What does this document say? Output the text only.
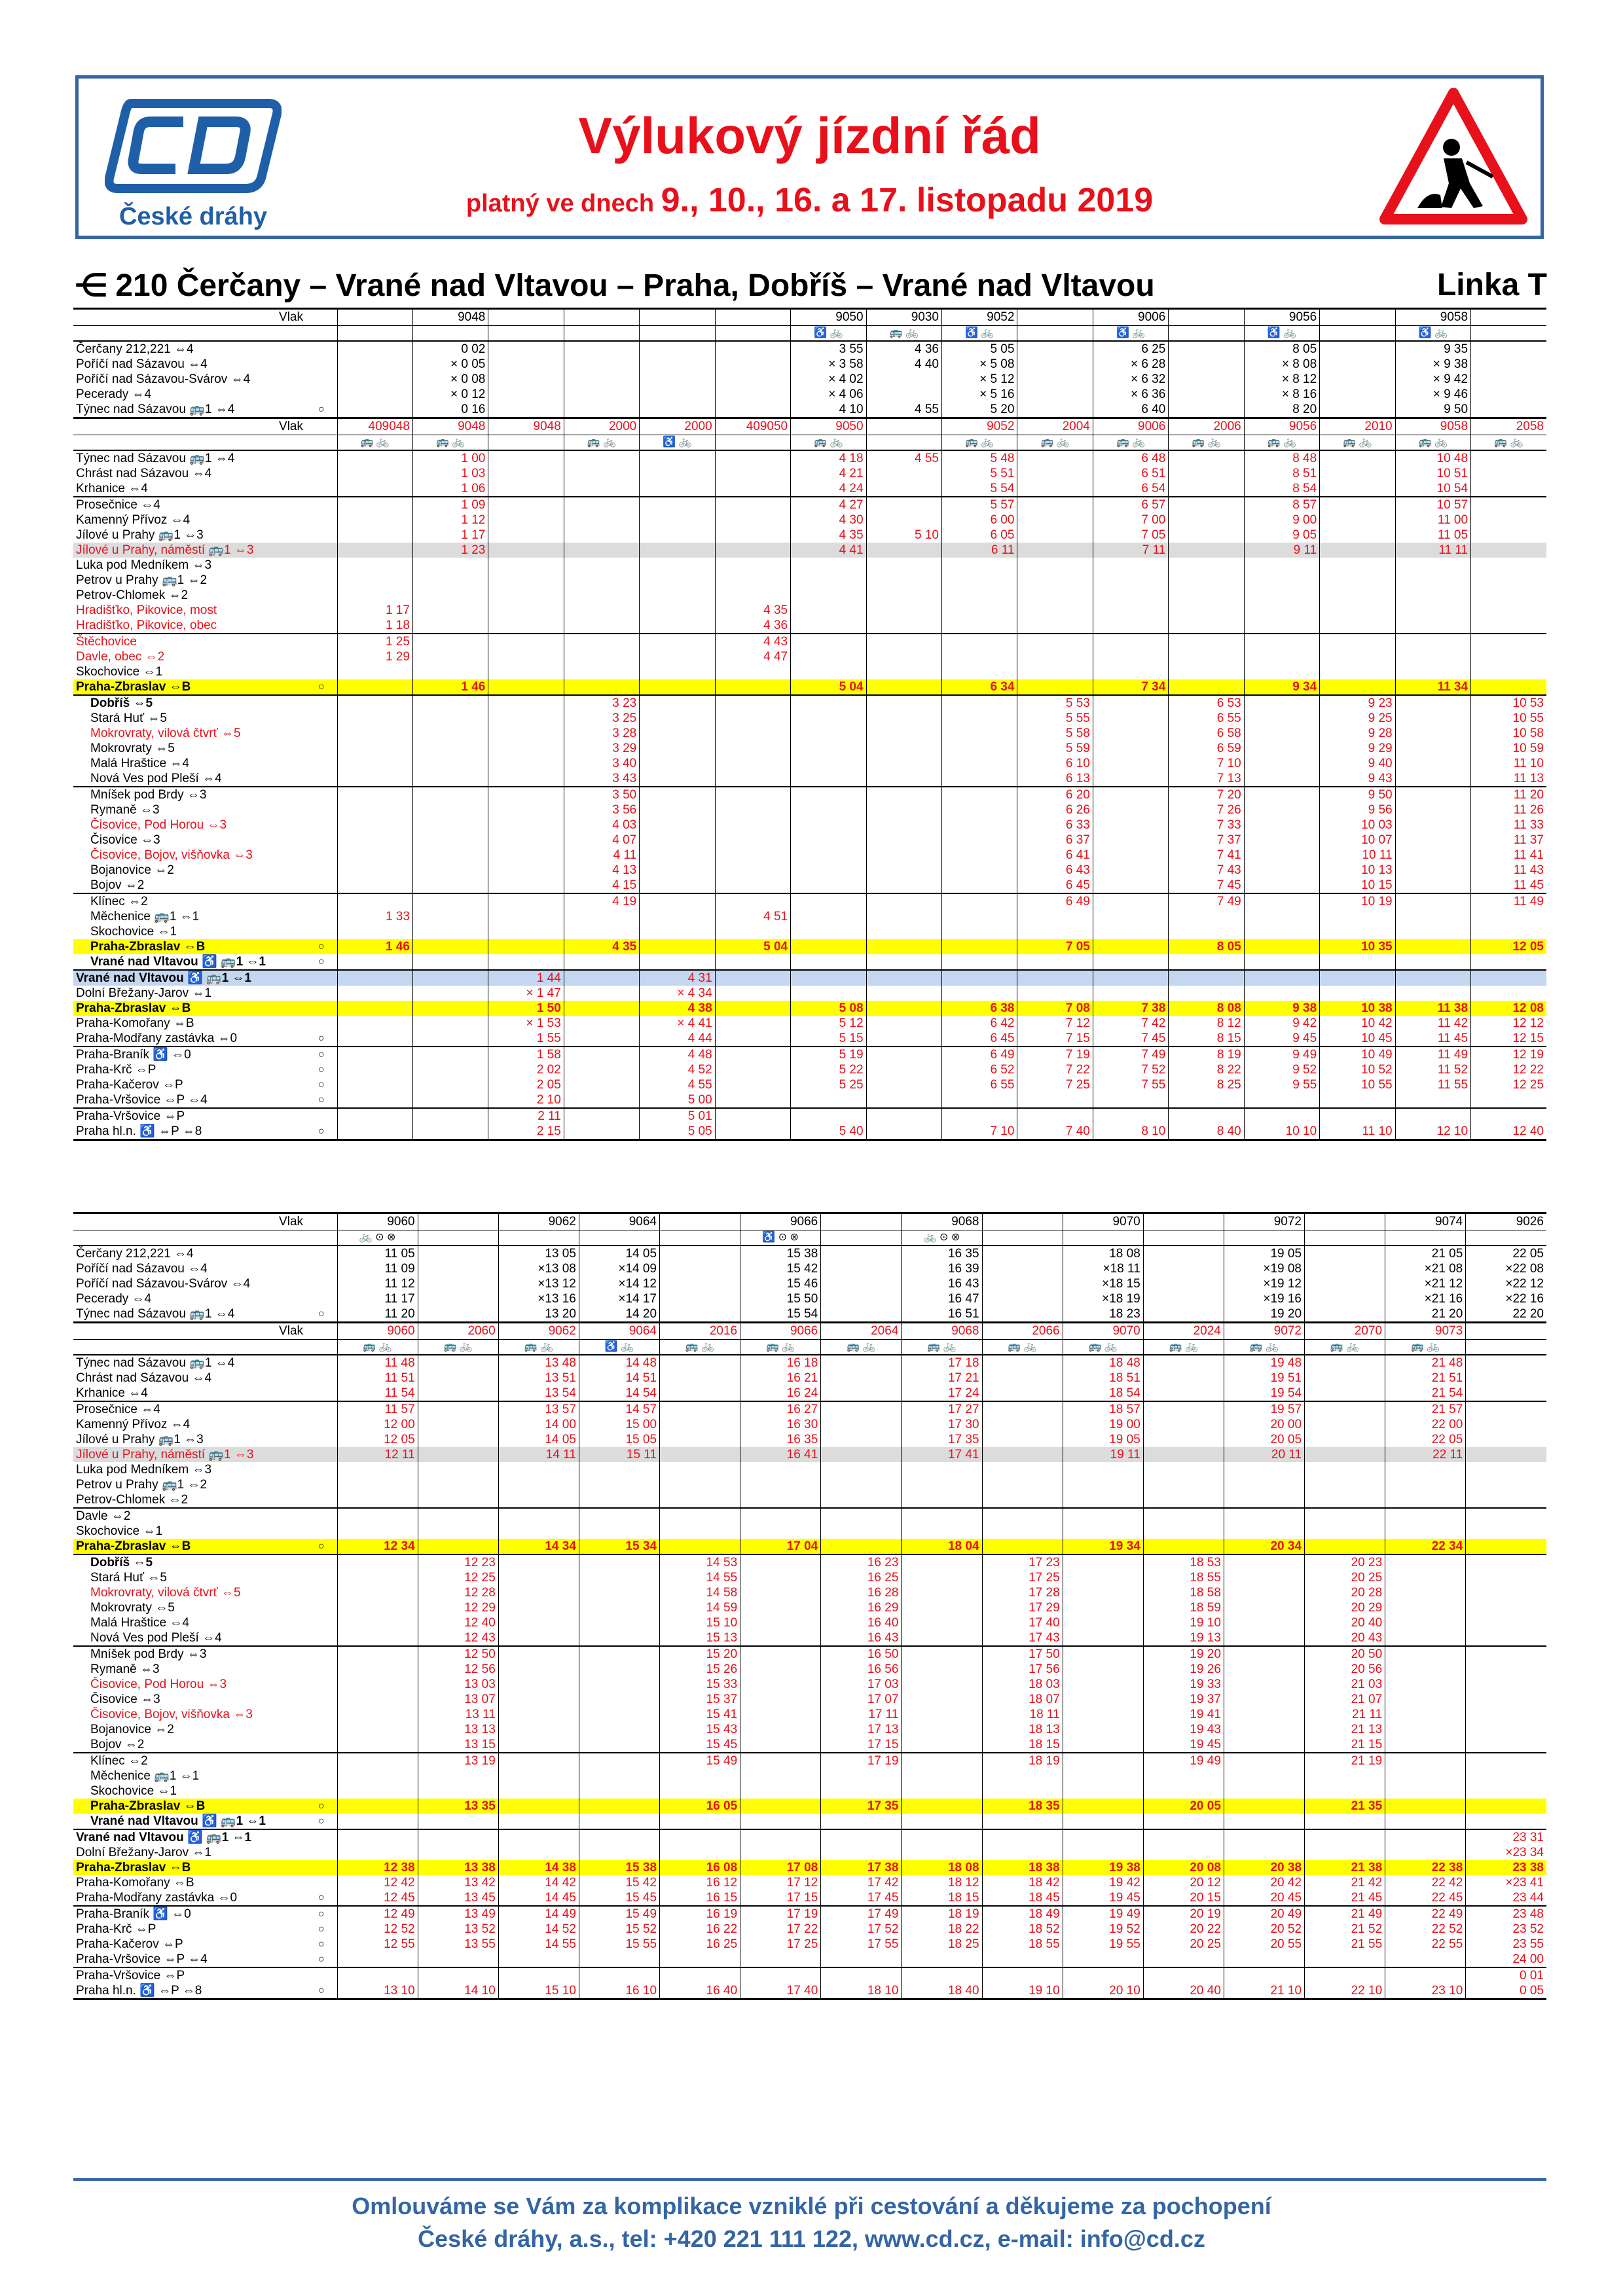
České dráhy
Výlukový jízdní řád
platný ve dnech 9., 10., 16. a 17. listopadu 2019
⋲ 210 Čerčany – Vrané nad Vltavou – Praha, Dobříš – Vrané nad Vltavou	Linka T
Vlak			9048					9050	9030	9052		9006		9056		9058	
								♿ 🚲	🚌 🚲	♿ 🚲		♿ 🚲		♿ 🚲		♿ 🚲	
Čerčany 212,221 ⇔4			0 02					3 55	4 36	5 05		6 25		8 05		9 35	
Poříčí nad Sázavou ⇔4			× 0 05					× 3 58	4 40	× 5 08		× 6 28		× 8 08		× 9 38	
Poříčí nad Sázavou-Svárov ⇔4			× 0 08					× 4 02		× 5 12		× 6 32		× 8 12		× 9 42	
Pecerady ⇔4			× 0 12					× 4 06		× 5 16		× 6 36		× 8 16		× 9 46	
Týnec nad Sázavou 🚌1 ⇔4	○		0 16					4 10	4 55	5 20		6 40		8 20		9 50	
Vlak		409048	9048	9048	2000	2000	409050	9050		9052	2004	9006	2006	9056	2010	9058	2058
		🚌 🚲	🚌 🚲		🚌 🚲	♿ 🚲		🚌 🚲		🚌 🚲	🚌 🚲	🚌 🚲	🚌 🚲	🚌 🚲	🚌 🚲	🚌 🚲	🚌 🚲
Týnec nad Sázavou 🚌1 ⇔4			1 00					4 18	4 55	5 48		6 48		8 48		10 48	
Chrást nad Sázavou ⇔4			1 03					4 21		5 51		6 51		8 51		10 51	
Krhanice ⇔4			1 06					4 24		5 54		6 54		8 54		10 54	
Prosečnice ⇔4			1 09					4 27		5 57		6 57		8 57		10 57	
Kamenný Přívoz ⇔4			1 12					4 30		6 00		7 00		9 00		11 00	
Jílové u Prahy 🚌1 ⇔3			1 17					4 35	5 10	6 05		7 05		9 05		11 05	
Jílové u Prahy, náměstí 🚌1 ⇔3			1 23					4 41		6 11		7 11		9 11		11 11	
Luka pod Medníkem ⇔3																	
Petrov u Prahy 🚌1 ⇔2																	
Petrov-Chlomek ⇔2																	
Hradišťko, Pikovice, most		1 17					4 35										
Hradišťko, Pikovice, obec		1 18					4 36										
Štěchovice		1 25					4 43										
Davle, obec ⇔2		1 29					4 47										
Skochovice ⇔1																	
Praha-Zbraslav ⇔B	○		1 46					5 04		6 34		7 34		9 34		11 34	
Dobříš ⇔5					3 23						5 53		6 53		9 23		10 53
Stará Huť ⇔5					3 25						5 55		6 55		9 25		10 55
Mokrovraty, vilová čtvrť ⇔5					3 28						5 58		6 58		9 28		10 58
Mokrovraty ⇔5					3 29						5 59		6 59		9 29		10 59
Malá Hraštice ⇔4					3 40						6 10		7 10		9 40		11 10
Nová Ves pod Pleší ⇔4					3 43						6 13		7 13		9 43		11 13
Mníšek pod Brdy ⇔3					3 50						6 20		7 20		9 50		11 20
Rymaně ⇔3					3 56						6 26		7 26		9 56		11 26
Čisovice, Pod Horou ⇔3					4 03						6 33		7 33		10 03		11 33
Čisovice ⇔3					4 07						6 37		7 37		10 07		11 37
Čisovice, Bojov, višňovka ⇔3					4 11						6 41		7 41		10 11		11 41
Bojanovice ⇔2					4 13						6 43		7 43		10 13		11 43
Bojov ⇔2					4 15						6 45		7 45		10 15		11 45
Klínec ⇔2					4 19						6 49		7 49		10 19		11 49
Měchenice 🚌1 ⇔1		1 33					4 51										
Skochovice ⇔1																	
Praha-Zbraslav ⇔B	○	1 46			4 35		5 04				7 05		8 05		10 35		12 05
Vrané nad Vltavou ♿ 🚌1 ⇔1	○																
Vrané nad Vltavou ♿ 🚌1 ⇔1				1 44		4 31											
Dolní Břežany-Jarov ⇔1				× 1 47		× 4 34											
Praha-Zbraslav ⇔B				1 50		4 38		5 08		6 38	7 08	7 38	8 08	9 38	10 38	11 38	12 08
Praha-Komořany ⇔B				× 1 53		× 4 41		5 12		6 42	7 12	7 42	8 12	9 42	10 42	11 42	12 12
Praha-Modřany zastávka ⇔0	○			1 55		4 44		5 15		6 45	7 15	7 45	8 15	9 45	10 45	11 45	12 15
Praha-Braník ♿ ⇔0	○			1 58		4 48		5 19		6 49	7 19	7 49	8 19	9 49	10 49	11 49	12 19
Praha-Krč ⇔P	○			2 02		4 52		5 22		6 52	7 22	7 52	8 22	9 52	10 52	11 52	12 22
Praha-Kačerov ⇔P	○			2 05		4 55		5 25		6 55	7 25	7 55	8 25	9 55	10 55	11 55	12 25
Praha-Vršovice ⇔P ⇔4	○			2 10		5 00											
Praha-Vršovice ⇔P				2 11		5 01											
Praha hl.n. ♿ ⇔P ⇔8	○			2 15		5 05		5 40		7 10	7 40	8 10	8 40	10 10	11 10	12 10	12 40
Vlak		9060		9062	9064		9066		9068		9070		9072		9074	9026
		🚲 ⊙ ⊗					♿ ⊙ ⊗		🚲 ⊙ ⊗							
Čerčany 212,221 ⇔4		11 05		13 05	14 05		15 38		16 35		18 08		19 05		21 05	22 05
Poříčí nad Sázavou ⇔4		11 09		×13 08	×14 09		15 42		16 39		×18 11		×19 08		×21 08	×22 08
Poříčí nad Sázavou-Svárov ⇔4		11 12		×13 12	×14 12		15 46		16 43		×18 15		×19 12		×21 12	×22 12
Pecerady ⇔4		11 17		×13 16	×14 17		15 50		16 47		×18 19		×19 16		×21 16	×22 16
Týnec nad Sázavou 🚌1 ⇔4	○	11 20		13 20	14 20		15 54		16 51		18 23		19 20		21 20	22 20
Vlak		9060	2060	9062	9064	2016	9066	2064	9068	2066	9070	2024	9072	2070	9073	
		🚌 🚲	🚌 🚲	🚌 🚲	♿ 🚲	🚌 🚲	🚌 🚲	🚌 🚲	🚌 🚲	🚌 🚲	🚌 🚲	🚌 🚲	🚌 🚲	🚌 🚲	🚌 🚲	
Týnec nad Sázavou 🚌1 ⇔4		11 48		13 48	14 48		16 18		17 18		18 48		19 48		21 48	
Chrást nad Sázavou ⇔4		11 51		13 51	14 51		16 21		17 21		18 51		19 51		21 51	
Krhanice ⇔4		11 54		13 54	14 54		16 24		17 24		18 54		19 54		21 54	
Prosečnice ⇔4		11 57		13 57	14 57		16 27		17 27		18 57		19 57		21 57	
Kamenný Přívoz ⇔4		12 00		14 00	15 00		16 30		17 30		19 00		20 00		22 00	
Jílové u Prahy 🚌1 ⇔3		12 05		14 05	15 05		16 35		17 35		19 05		20 05		22 05	
Jílové u Prahy, náměstí 🚌1 ⇔3		12 11		14 11	15 11		16 41		17 41		19 11		20 11		22 11	
Luka pod Medníkem ⇔3																
Petrov u Prahy 🚌1 ⇔2																
Petrov-Chlomek ⇔2																
Davle ⇔2																
Skochovice ⇔1																
Praha-Zbraslav ⇔B	○	12 34		14 34	15 34		17 04		18 04		19 34		20 34		22 34	
Dobříš ⇔5			12 23			14 53		16 23		17 23		18 53		20 23		
Stará Huť ⇔5			12 25			14 55		16 25		17 25		18 55		20 25		
Mokrovraty, vilová čtvrť ⇔5			12 28			14 58		16 28		17 28		18 58		20 28		
Mokrovraty ⇔5			12 29			14 59		16 29		17 29		18 59		20 29		
Malá Hraštice ⇔4			12 40			15 10		16 40		17 40		19 10		20 40		
Nová Ves pod Pleší ⇔4			12 43			15 13		16 43		17 43		19 13		20 43		
Mníšek pod Brdy ⇔3			12 50			15 20		16 50		17 50		19 20		20 50		
Rymaně ⇔3			12 56			15 26		16 56		17 56		19 26		20 56		
Čisovice, Pod Horou ⇔3			13 03			15 33		17 03		18 03		19 33		21 03		
Čisovice ⇔3			13 07			15 37		17 07		18 07		19 37		21 07		
Čisovice, Bojov, višňovka ⇔3			13 11			15 41		17 11		18 11		19 41		21 11		
Bojanovice ⇔2			13 13			15 43		17 13		18 13		19 43		21 13		
Bojov ⇔2			13 15			15 45		17 15		18 15		19 45		21 15		
Klínec ⇔2			13 19			15 49		17 19		18 19		19 49		21 19		
Měchenice 🚌1 ⇔1																
Skochovice ⇔1																
Praha-Zbraslav ⇔B	○		13 35			16 05		17 35		18 35		20 05		21 35		
Vrané nad Vltavou ♿ 🚌1 ⇔1	○															
Vrané nad Vltavou ♿ 🚌1 ⇔1																23 31
Dolní Břežany-Jarov ⇔1																×23 34
Praha-Zbraslav ⇔B		12 38	13 38	14 38	15 38	16 08	17 08	17 38	18 08	18 38	19 38	20 08	20 38	21 38	22 38	23 38
Praha-Komořany ⇔B		12 42	13 42	14 42	15 42	16 12	17 12	17 42	18 12	18 42	19 42	20 12	20 42	21 42	22 42	×23 41
Praha-Modřany zastávka ⇔0	○	12 45	13 45	14 45	15 45	16 15	17 15	17 45	18 15	18 45	19 45	20 15	20 45	21 45	22 45	23 44
Praha-Braník ♿ ⇔0	○	12 49	13 49	14 49	15 49	16 19	17 19	17 49	18 19	18 49	19 49	20 19	20 49	21 49	22 49	23 48
Praha-Krč ⇔P	○	12 52	13 52	14 52	15 52	16 22	17 22	17 52	18 22	18 52	19 52	20 22	20 52	21 52	22 52	23 52
Praha-Kačerov ⇔P	○	12 55	13 55	14 55	15 55	16 25	17 25	17 55	18 25	18 55	19 55	20 25	20 55	21 55	22 55	23 55
Praha-Vršovice ⇔P ⇔4	○															24 00
Praha-Vršovice ⇔P																0 01
Praha hl.n. ♿ ⇔P ⇔8	○	13 10	14 10	15 10	16 10	16 40	17 40	18 10	18 40	19 10	20 10	20 40	21 10	22 10	23 10	0 05
Omlouváme se Vám za komplikace vzniklé při cestování a děkujeme za pochopení
České dráhy, a.s., tel: +420 221 111 122, www.cd.cz, e-mail: info@cd.cz
